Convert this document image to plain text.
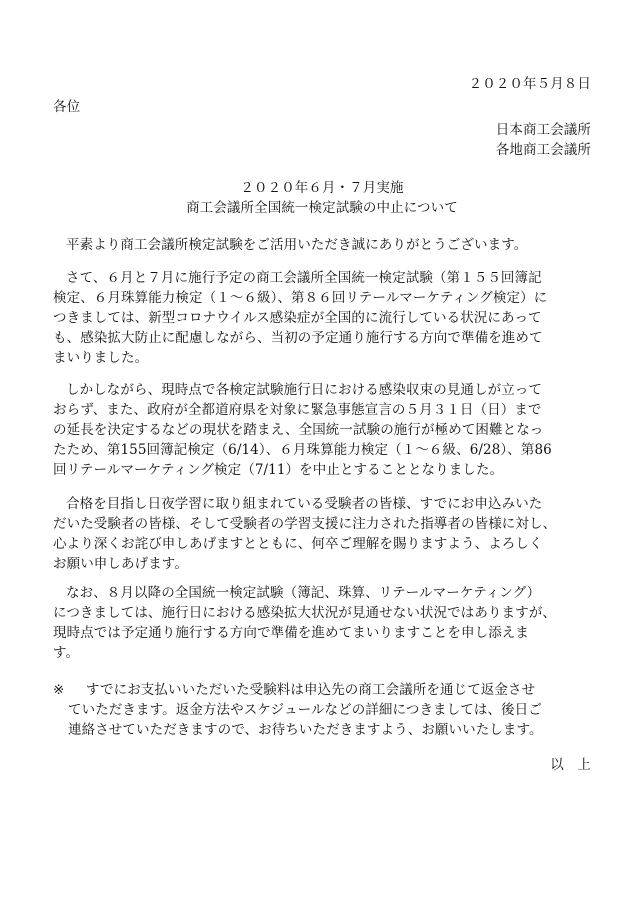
２０２０年５月８日
各位
日本商工会議所
各地商工会議所
２０２０年６月・７月実施
商工会議所全国統一検定試験の中止について
平素より商工会議所検定試験をご活用いただき誠にありがとうございます。
さて、６月と７月に施行予定の商工会議所全国統一検定試験（第１５５回簿記
検定、６月珠算能力検定（１～６級）、第８６回リテールマーケティング検定）に
つきましては、新型コロナウイルス感染症が全国的に流行している状況にあって
も、感染拡大防止に配慮しながら、当初の予定通り施行する方向で準備を進めて
まいりました。
しかしながら、現時点で各検定試験施行日における感染収束の見通しが立って
おらず、また、政府が全都道府県を対象に緊急事態宣言の５月３１日（日）まで
の延長を決定するなどの現状を踏まえ、全国統一試験の施行が極めて困難となっ
たため、第155回簿記検定（6/14）、６月珠算能力検定（１～６級、6/28）、第86
回リテールマーケティング検定（7/11）を中止とすることとなりました。
合格を目指し日夜学習に取り組まれている受験者の皆様、すでにお申込みいた
だいた受験者の皆様、そして受験者の学習支援に注力された指導者の皆様に対し、
心より深くお詫び申しあげますとともに、何卒ご理解を賜りますよう、よろしく
お願い申しあげます。
なお、８月以降の全国統一検定試験（簿記、珠算、リテールマーケティング）
につきましては、施行日における感染拡大状況が見通せない状況ではありますが、
現時点では予定通り施行する方向で準備を進めてまいりますことを申し添えま
す。
※ すでにお支払いいただいた受験料は申込先の商工会議所を通じて返金させ
ていただきます。返金方法やスケジュールなどの詳細につきましては、後日ご
連絡させていただきますので、お待ちいただきますよう、お願いいたします。
以　上
